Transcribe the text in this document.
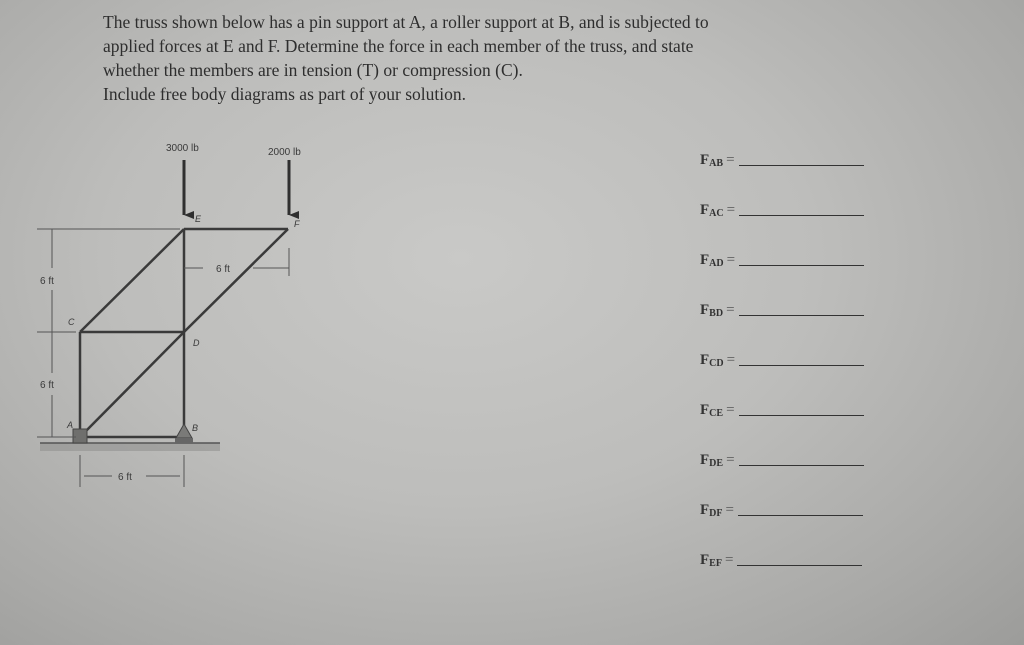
The truss shown below has a pin support at A, a roller support at B, and is subjected to

applied forces at E and F. Determine the force in each member of the truss, and state

whether the members are in tension (T) or compression (C).

Include free body diagrams as part of your solution.

3000 lb	2000 lb
A	B
C
D
E	F
6 ft
6 ft
6 ft
6 ft
FAB =
FAC =
FAD =
FBD =
FCD =
FCE =
FDE =
FDF =
FEF =
